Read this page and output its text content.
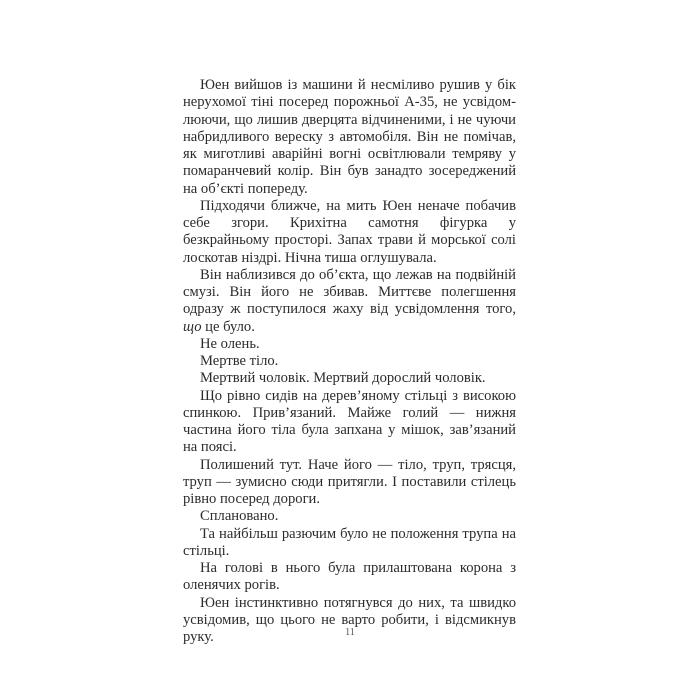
Юен вийшов із машини й несміливо рушив у бік нерухомої тіні посеред порожньої А-35, не усвідомлюючи, що лишив дверцята відчиненими, і не чуючи набридливого вереску з автомобіля. Він не помічав, як миготливі аварійні вогні освітлювали темряву у помаранчевий колір. Він був занадто зосереджений на об’єкті попереду.

Підходячи ближче, на мить Юен неначе побачив себе згори. Крихітна самотня фігурка у безкрайньому просторі. Запах трави й морської солі лоскотав ніздрі. Нічна тиша оглушувала.

Він наблизився до об’єкта, що лежав на подвійній смузі. Він його не збивав. Миттєве полегшення одразу ж поступилося жаху від усвідомлення того, що це було.

Не олень.

Мертве тіло.

Мертвий чоловік. Мертвий дорослий чоловік.

Що рівно сидів на дерев’яному стільці з високою спинкою. Прив’язаний. Майже голий — нижня частина його тіла була запхана у мішок, зав’язаний на поясі.

Полишений тут. Наче його — тіло, труп, трясця, труп — зумисно сюди притягли. І поставили стілець рівно посеред дороги.

Сплановано.

Та найбільш разючим було не положення трупа на стільці.

На голові в нього була прилаштована корона з оленячих рогів.

Юен інстинктивно потягнувся до них, та швидко усвідомив, що цього не варто робити, і відсмикнув руку.	11
